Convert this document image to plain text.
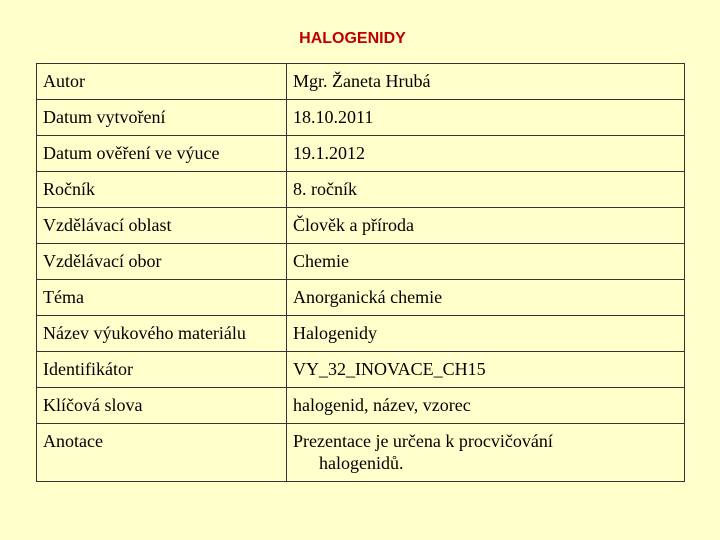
HALOGENIDY
Autor	Mgr. Žaneta Hrubá
Datum vytvoření	18.10.2011
Datum ověření ve výuce	19.1.2012
Ročník	8. ročník
Vzdělávací oblast	Člověk a příroda
Vzdělávací obor	Chemie
Téma	Anorganická chemie
Název výukového materiálu	Halogenidy
Identifikátor	VY_32_INOVACE_CH15
Klíčová slova	halogenid, název, vzorec
Anotace	Prezentace je určena k procvičování
halogenidů.
